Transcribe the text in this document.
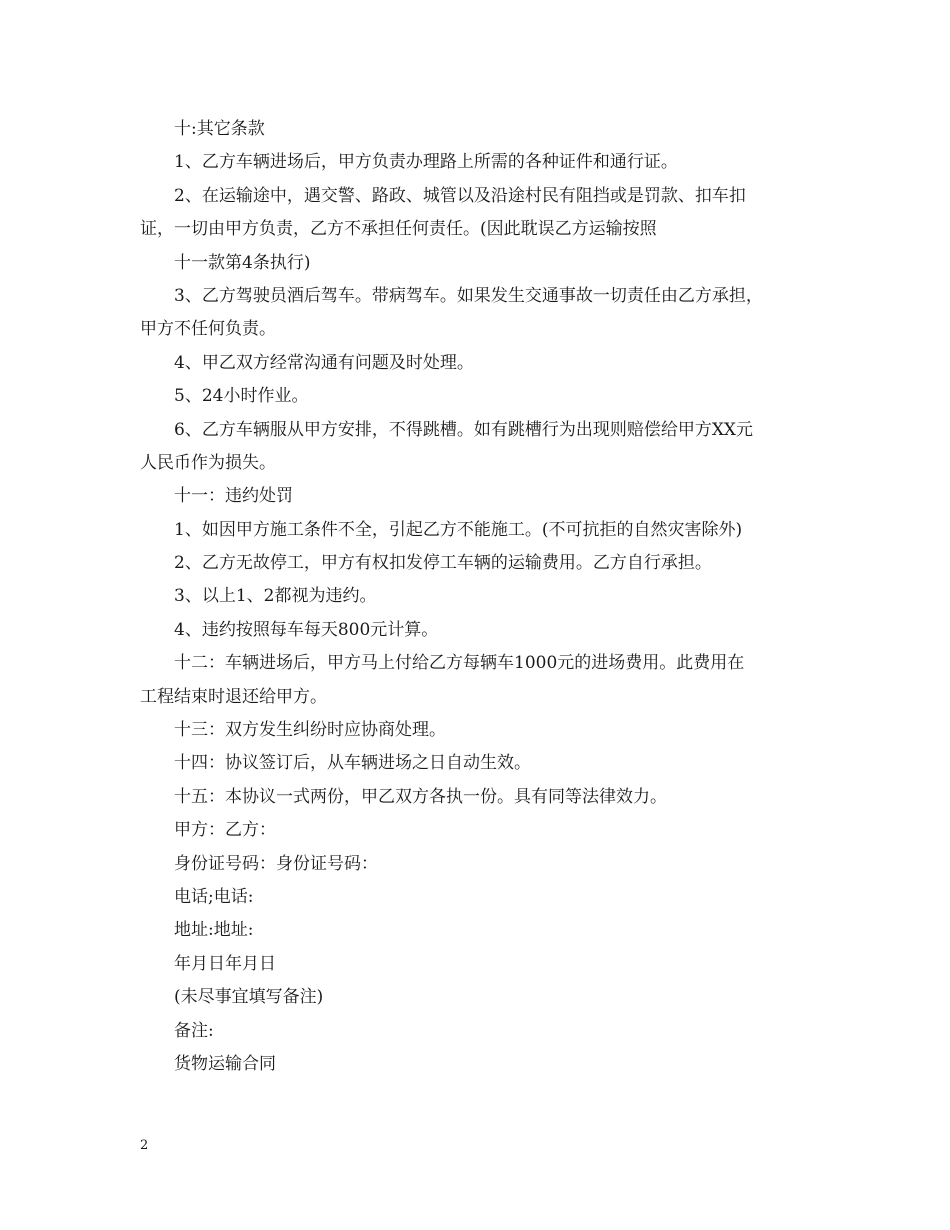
十:其它条款
1、乙方车辆进场后，甲方负责办理路上所需的各种证件和通行证。
2、在运输途中，遇交警、路政、城管以及沿途村民有阻挡或是罚款、扣车扣
证，一切由甲方负责，乙方不承担任何责任。(因此耽误乙方运输按照
十一款第4条执行)
3、乙方驾驶员酒后驾车。带病驾车。如果发生交通事故一切责任由乙方承担，
甲方不任何负责。
4、甲乙双方经常沟通有问题及时处理。
5、24小时作业。
6、乙方车辆服从甲方安排，不得跳槽。如有跳槽行为出现则赔偿给甲方XX元
人民币作为损失。
十一：违约处罚
1、如因甲方施工条件不全，引起乙方不能施工。(不可抗拒的自然灾害除外)
2、乙方无故停工，甲方有权扣发停工车辆的运输费用。乙方自行承担。
3、以上1、2都视为违约。
4、违约按照每车每天800元计算。
十二：车辆进场后，甲方马上付给乙方每辆车1000元的进场费用。此费用在
工程结束时退还给甲方。
十三：双方发生纠纷时应协商处理。
十四：协议签订后，从车辆进场之日自动生效。
十五：本协议一式两份，甲乙双方各执一份。具有同等法律效力。
甲方：乙方：
身份证号码：身份证号码：
电话;电话:
地址:地址:
年月日年月日
(未尽事宜填写备注)
备注:
货物运输合同
2
